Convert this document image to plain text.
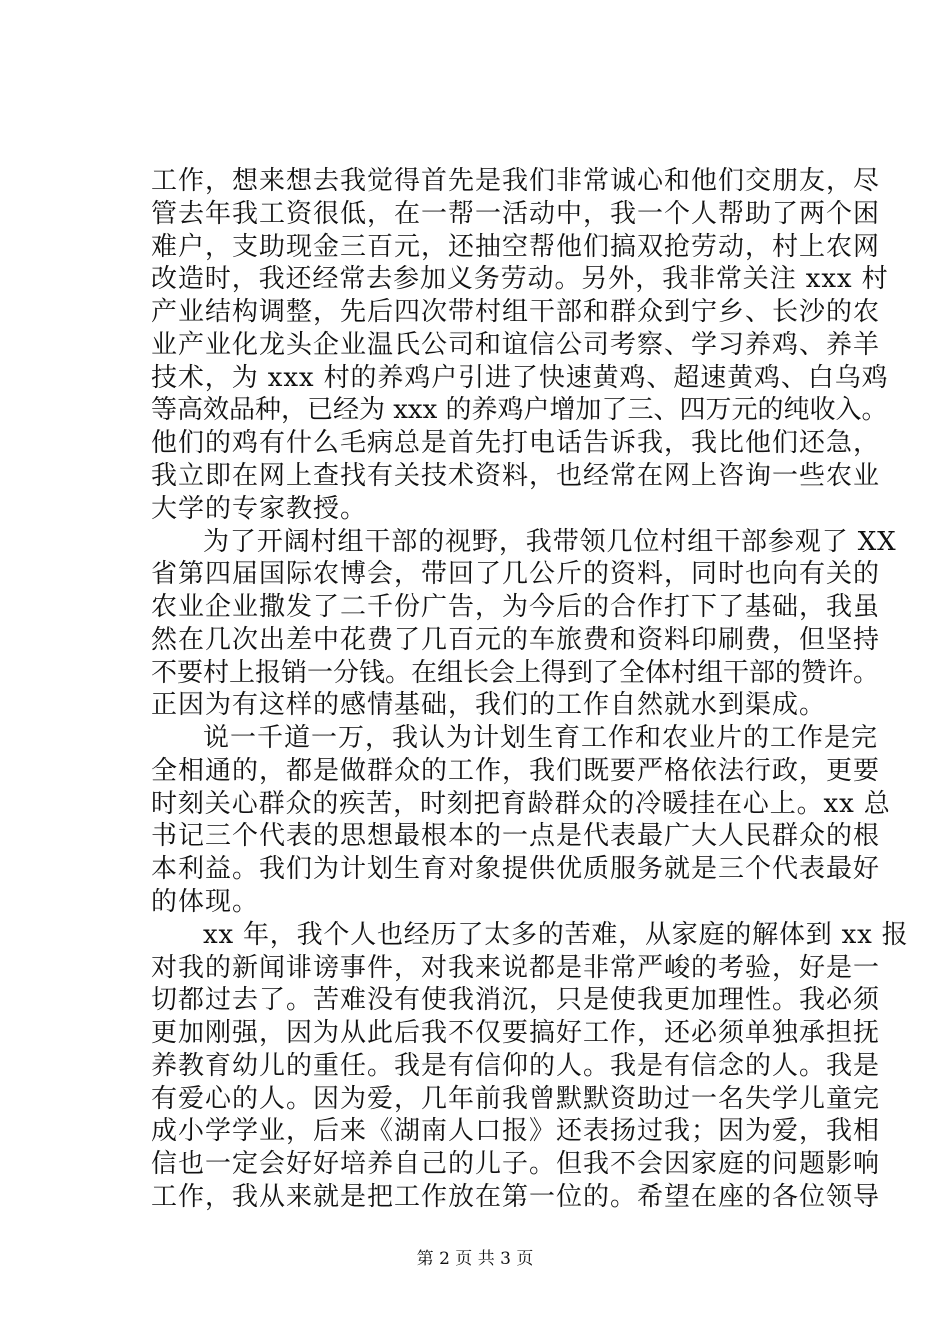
工作，想来想去我觉得首先是我们非常诚心和他们交朋友，尽
管去年我工资很低，在一帮一活动中，我一个人帮助了两个困
难户，支助现金三百元，还抽空帮他们搞双抢劳动，村上农网
改造时，我还经常去参加义务劳动。另外，我非常关注 xxx 村
产业结构调整，先后四次带村组干部和群众到宁乡、长沙的农
业产业化龙头企业温氏公司和谊信公司考察、学习养鸡、养羊
技术，为 xxx 村的养鸡户引进了快速黄鸡、超速黄鸡、白乌鸡
等高效品种，已经为 xxx 的养鸡户增加了三、四万元的纯收入。
他们的鸡有什么毛病总是首先打电话告诉我，我比他们还急，
我立即在网上查找有关技术资料，也经常在网上咨询一些农业
大学的专家教授。
为了开阔村组干部的视野，我带领几位村组干部参观了 XX
省第四届国际农博会，带回了几公斤的资料，同时也向有关的
农业企业撒发了二千份广告，为今后的合作打下了基础，我虽
然在几次出差中花费了几百元的车旅费和资料印刷费，但坚持
不要村上报销一分钱。在组长会上得到了全体村组干部的赞许。
正因为有这样的感情基础，我们的工作自然就水到渠成。
说一千道一万，我认为计划生育工作和农业片的工作是完
全相通的，都是做群众的工作，我们既要严格依法行政，更要
时刻关心群众的疾苦，时刻把育龄群众的冷暖挂在心上。xx 总
书记三个代表的思想最根本的一点是代表最广大人民群众的根
本利益。我们为计划生育对象提供优质服务就是三个代表最好
的体现。
xx 年，我个人也经历了太多的苦难，从家庭的解体到 xx 报
对我的新闻诽谤事件，对我来说都是非常严峻的考验，好是一
切都过去了。苦难没有使我消沉，只是使我更加理性。我必须
更加刚强，因为从此后我不仅要搞好工作，还必须单独承担抚
养教育幼儿的重任。我是有信仰的人。我是有信念的人。我是
有爱心的人。因为爱，几年前我曾默默资助过一名失学儿童完
成小学学业，后来《湖南人口报》还表扬过我；因为爱，我相
信也一定会好好培养自己的儿子。但我不会因家庭的问题影响
工作，我从来就是把工作放在第一位的。希望在座的各位领导
第 2 页 共 3 页
